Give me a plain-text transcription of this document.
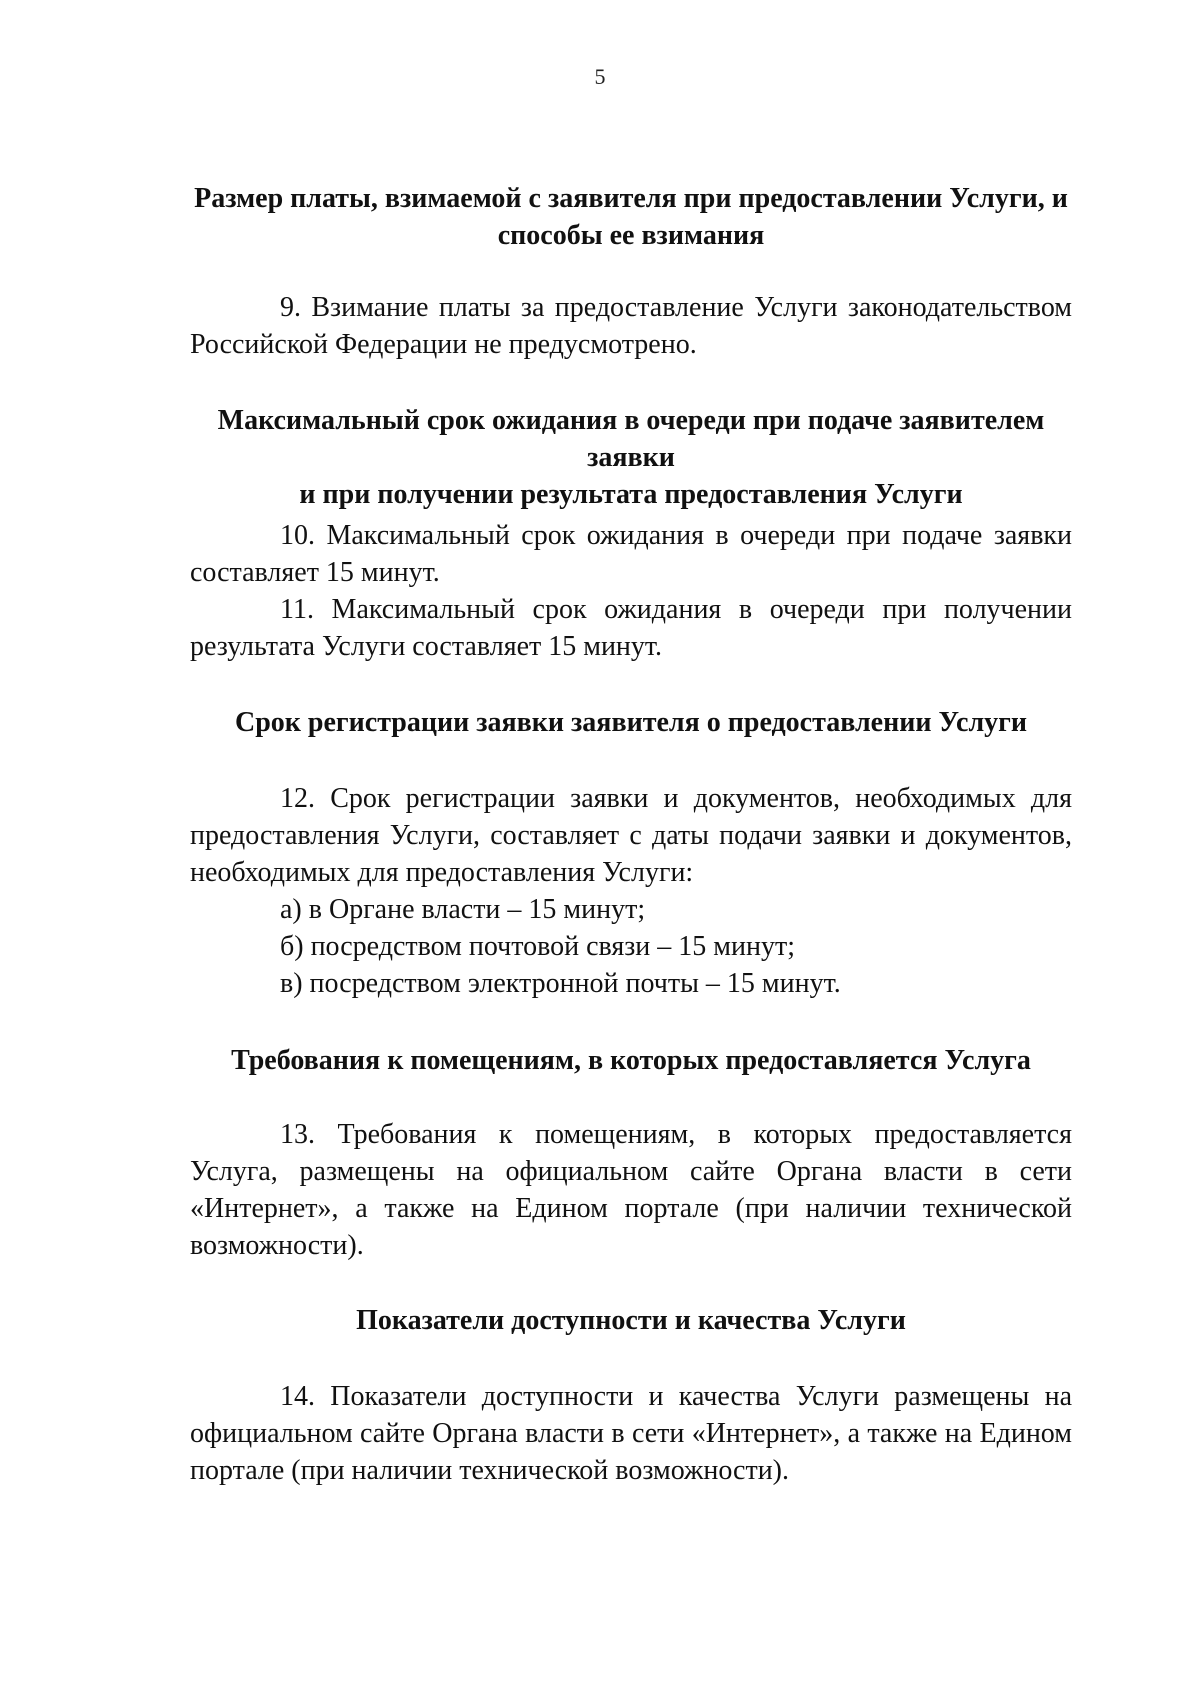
5
Размер платы, взимаемой с заявителя при предоставлении Услуги, и
способы ее взимания

9. Взимание платы за предоставление Услуги законодательством Российской Федерации не предусмотрено.

Максимальный срок ожидания в очереди при подаче заявителем заявки
и при получении результата предоставления Услуги

10. Максимальный срок ожидания в очереди при подаче заявки составляет 15 минут.

11. Максимальный срок ожидания в очереди при получении результата Услуги составляет 15 минут.

Срок регистрации заявки заявителя о предоставлении Услуги

12. Срок регистрации заявки и документов, необходимых для предоставления Услуги, составляет с даты подачи заявки и документов, необходимых для предоставления Услуги:

а) в Органе власти – 15 минут;
б) посредством почтовой связи – 15 минут;
в) посредством электронной почты – 15 минут.
Требования к помещениям, в которых предоставляется Услуга

13. Требования к помещениям, в которых предоставляется Услуга, размещены на официальном сайте Органа власти в сети «Интернет», а также на Едином портале (при наличии технической возможности).

Показатели доступности и качества Услуги

14. Показатели доступности и качества Услуги размещены на официальном сайте Органа власти в сети «Интернет», а также на Едином портале (при наличии технической возможности).
